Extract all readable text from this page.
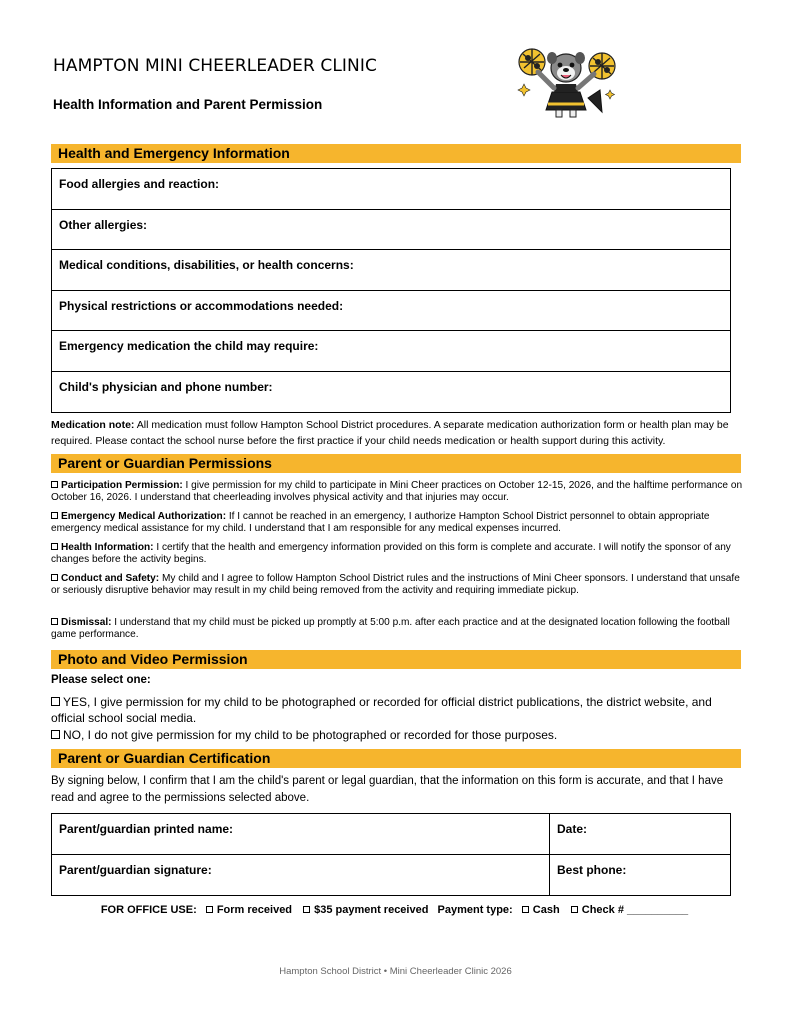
HAMPTON MINI CHEERLEADER CLINIC
Health Information and Parent Permission
Health and Emergency Information
Food allergies and reaction:
Other allergies:
Medical conditions, disabilities, or health concerns:
Physical restrictions or accommodations needed:
Emergency medication the child may require:
Child's physician and phone number:
Medication note: All medication must follow Hampton School District procedures. A separate medication authorization form or health plan may be required. Please contact the school nurse before the first practice if your child needs medication or health support during this activity.
Parent or Guardian Permissions
Participation Permission: I give permission for my child to participate in Mini Cheer practices on October 12-15, 2026, and the halftime performance on October 16, 2026. I understand that cheerleading involves physical activity and that injuries may occur.
Emergency Medical Authorization: If I cannot be reached in an emergency, I authorize Hampton School District personnel to obtain appropriate emergency medical assistance for my child. I understand that I am responsible for any medical expenses incurred.
Health Information: I certify that the health and emergency information provided on this form is complete and accurate. I will notify the sponsor of any changes before the activity begins.
Conduct and Safety: My child and I agree to follow Hampton School District rules and the instructions of Mini Cheer sponsors. I understand that unsafe or seriously disruptive behavior may result in my child being removed from the activity and requiring immediate pickup.
Dismissal: I understand that my child must be picked up promptly at 5:00 p.m. after each practice and at the designated location following the football game performance.
Photo and Video Permission
Please select one:
YES, I give permission for my child to be photographed or recorded for official district publications, the district website, and official school social media.
NO, I do not give permission for my child to be photographed or recorded for those purposes.
Parent or Guardian Certification
By signing below, I confirm that I am the child's parent or legal guardian, that the information on this form is accurate, and that I have read and agree to the permissions selected above.
Parent/guardian printed name:	Date:
Parent/guardian signature:	Best phone:
FOR OFFICE USE: Form received $35 payment received Payment type: Cash Check # __________
Hampton School District • Mini Cheerleader Clinic 2026
